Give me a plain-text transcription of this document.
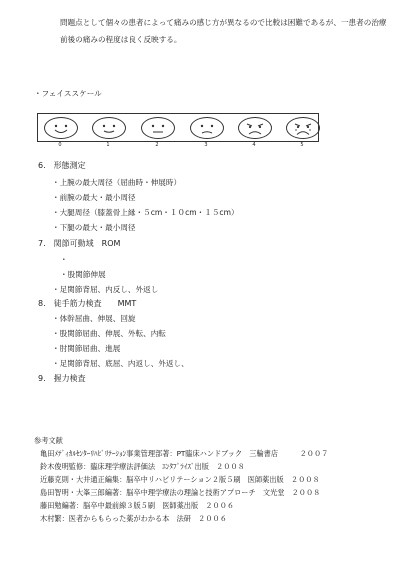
問題点として個々の患者によって痛みの感じ方が異なるので比較は困難であるが、一患者の治療前後の痛みの程度は良く反映する。
・フェイススケール
0	1	2	3	4	5
6.　形態測定
・上腕の最大周径（屈曲時・伸展時）
・前腕の最大・最小周径
・大腿周径（膝蓋骨上縁・５cm・１０cm・１５cm）
・下腿の最大・最小周径
7.　関節可動域　ROM
・
・股関節伸展
・足関節背屈、内反し、外返し
8.　徒手筋力検査　　MMT
・体幹屈曲、伸展、回旋
・股関節屈曲、伸展、外転、内転
・肘関節屈曲、進展
・足関節背屈、底屈、内返し、外返し、
9.　握力検査
参考文献
亀田ﾒﾃﾞｨｶﾙｾﾝﾀｰﾘﾊﾋﾞﾘﾃｰｼｮﾝ事業管理部著：PT臨床ハンドブック　三輪書店　　　２００７
鈴木俊明監修：臨床理学療法評価法　ｴﾝﾀﾌﾟﾗｲｽﾞ出版　２００８
近藤克則・大井通正編集：脳卒中リハビリテーション２版５刷　医師薬出版　２００８
島田智明・大峯三郎編著：脳卒中理学療法の理論と技術アプローチ　文光堂　２００８
藤田勉編著：脳卒中最前線３版５刷　医師薬出版　２００６
木村繁：医者からもらった薬がわかる本　法研　２００６
